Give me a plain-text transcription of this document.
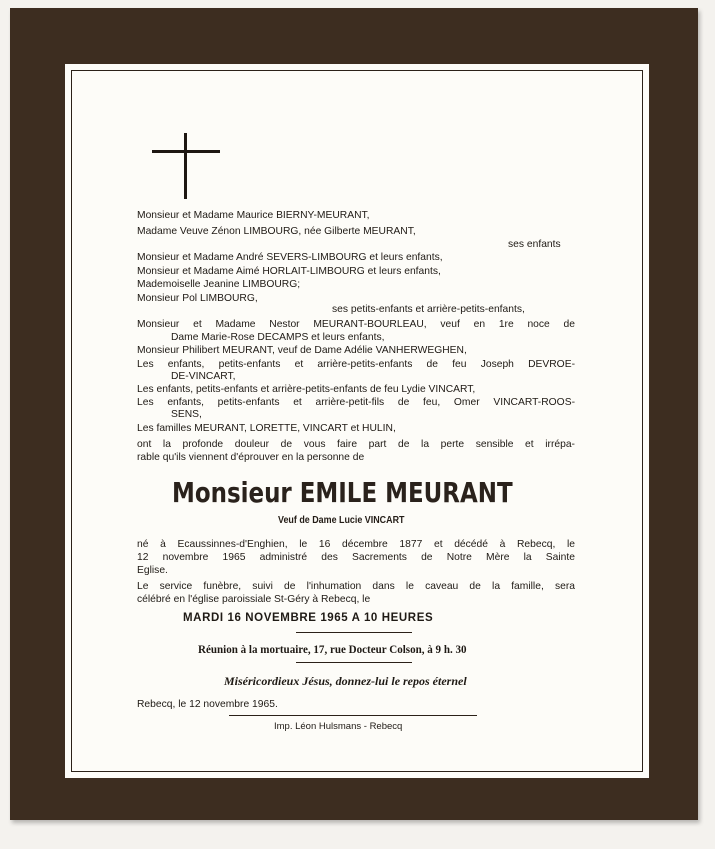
Monsieur et Madame Maurice BIERNY-MEURANT,

Madame Veuve Zénon LIMBOURG, née Gilberte MEURANT,

ses enfants

Monsieur et Madame André SEVERS-LIMBOURG et leurs enfants,

Monsieur et Madame Aimé HORLAIT-LIMBOURG et leurs enfants,

Mademoiselle Jeanine LIMBOURG;

Monsieur Pol LIMBOURG,

ses petits-enfants et arrière-petits-enfants,

Monsieur et Madame Nestor MEURANT-BOURLEAU, veuf en 1re noce de

Dame Marie-Rose DECAMPS et leurs enfants,

Monsieur Philibert MEURANT, veuf de Dame Adélie VANHERWEGHEN,

Les enfants, petits-enfants et arrière-petits-enfants de feu Joseph DEVROE-

DE-VINCART,

Les enfants, petits-enfants et arrière-petits-enfants de feu Lydie VINCART,

Les enfants, petits-enfants et arrière-petit-fils de feu, Omer VINCART-ROOS-

SENS,

Les familles MEURANT, LORETTE, VINCART et HULIN,

ont la profonde douleur de vous faire part de la perte sensible et irrépa-

rable qu'ils viennent d'éprouver en la personne de

Monsieur EMILE MEURANT

Veuf de Dame Lucie VINCART

né à Ecaussinnes-d'Enghien, le 16 décembre 1877 et décédé à Rebecq, le

12 novembre 1965 administré des Sacrements de Notre Mère la Sainte

Eglise.

Le service funèbre, suivi de l'inhumation dans le caveau de la famille, sera

célébré en l'église paroissiale St-Géry à Rebecq, le

MARDI 16 NOVEMBRE 1965 A 10 HEURES

Réunion à la mortuaire, 17, rue Docteur Colson, à 9 h. 30

Miséricordieux Jésus, donnez-lui le repos éternel

Rebecq, le 12 novembre 1965.

Imp. Léon Hulsmans - Rebecq
